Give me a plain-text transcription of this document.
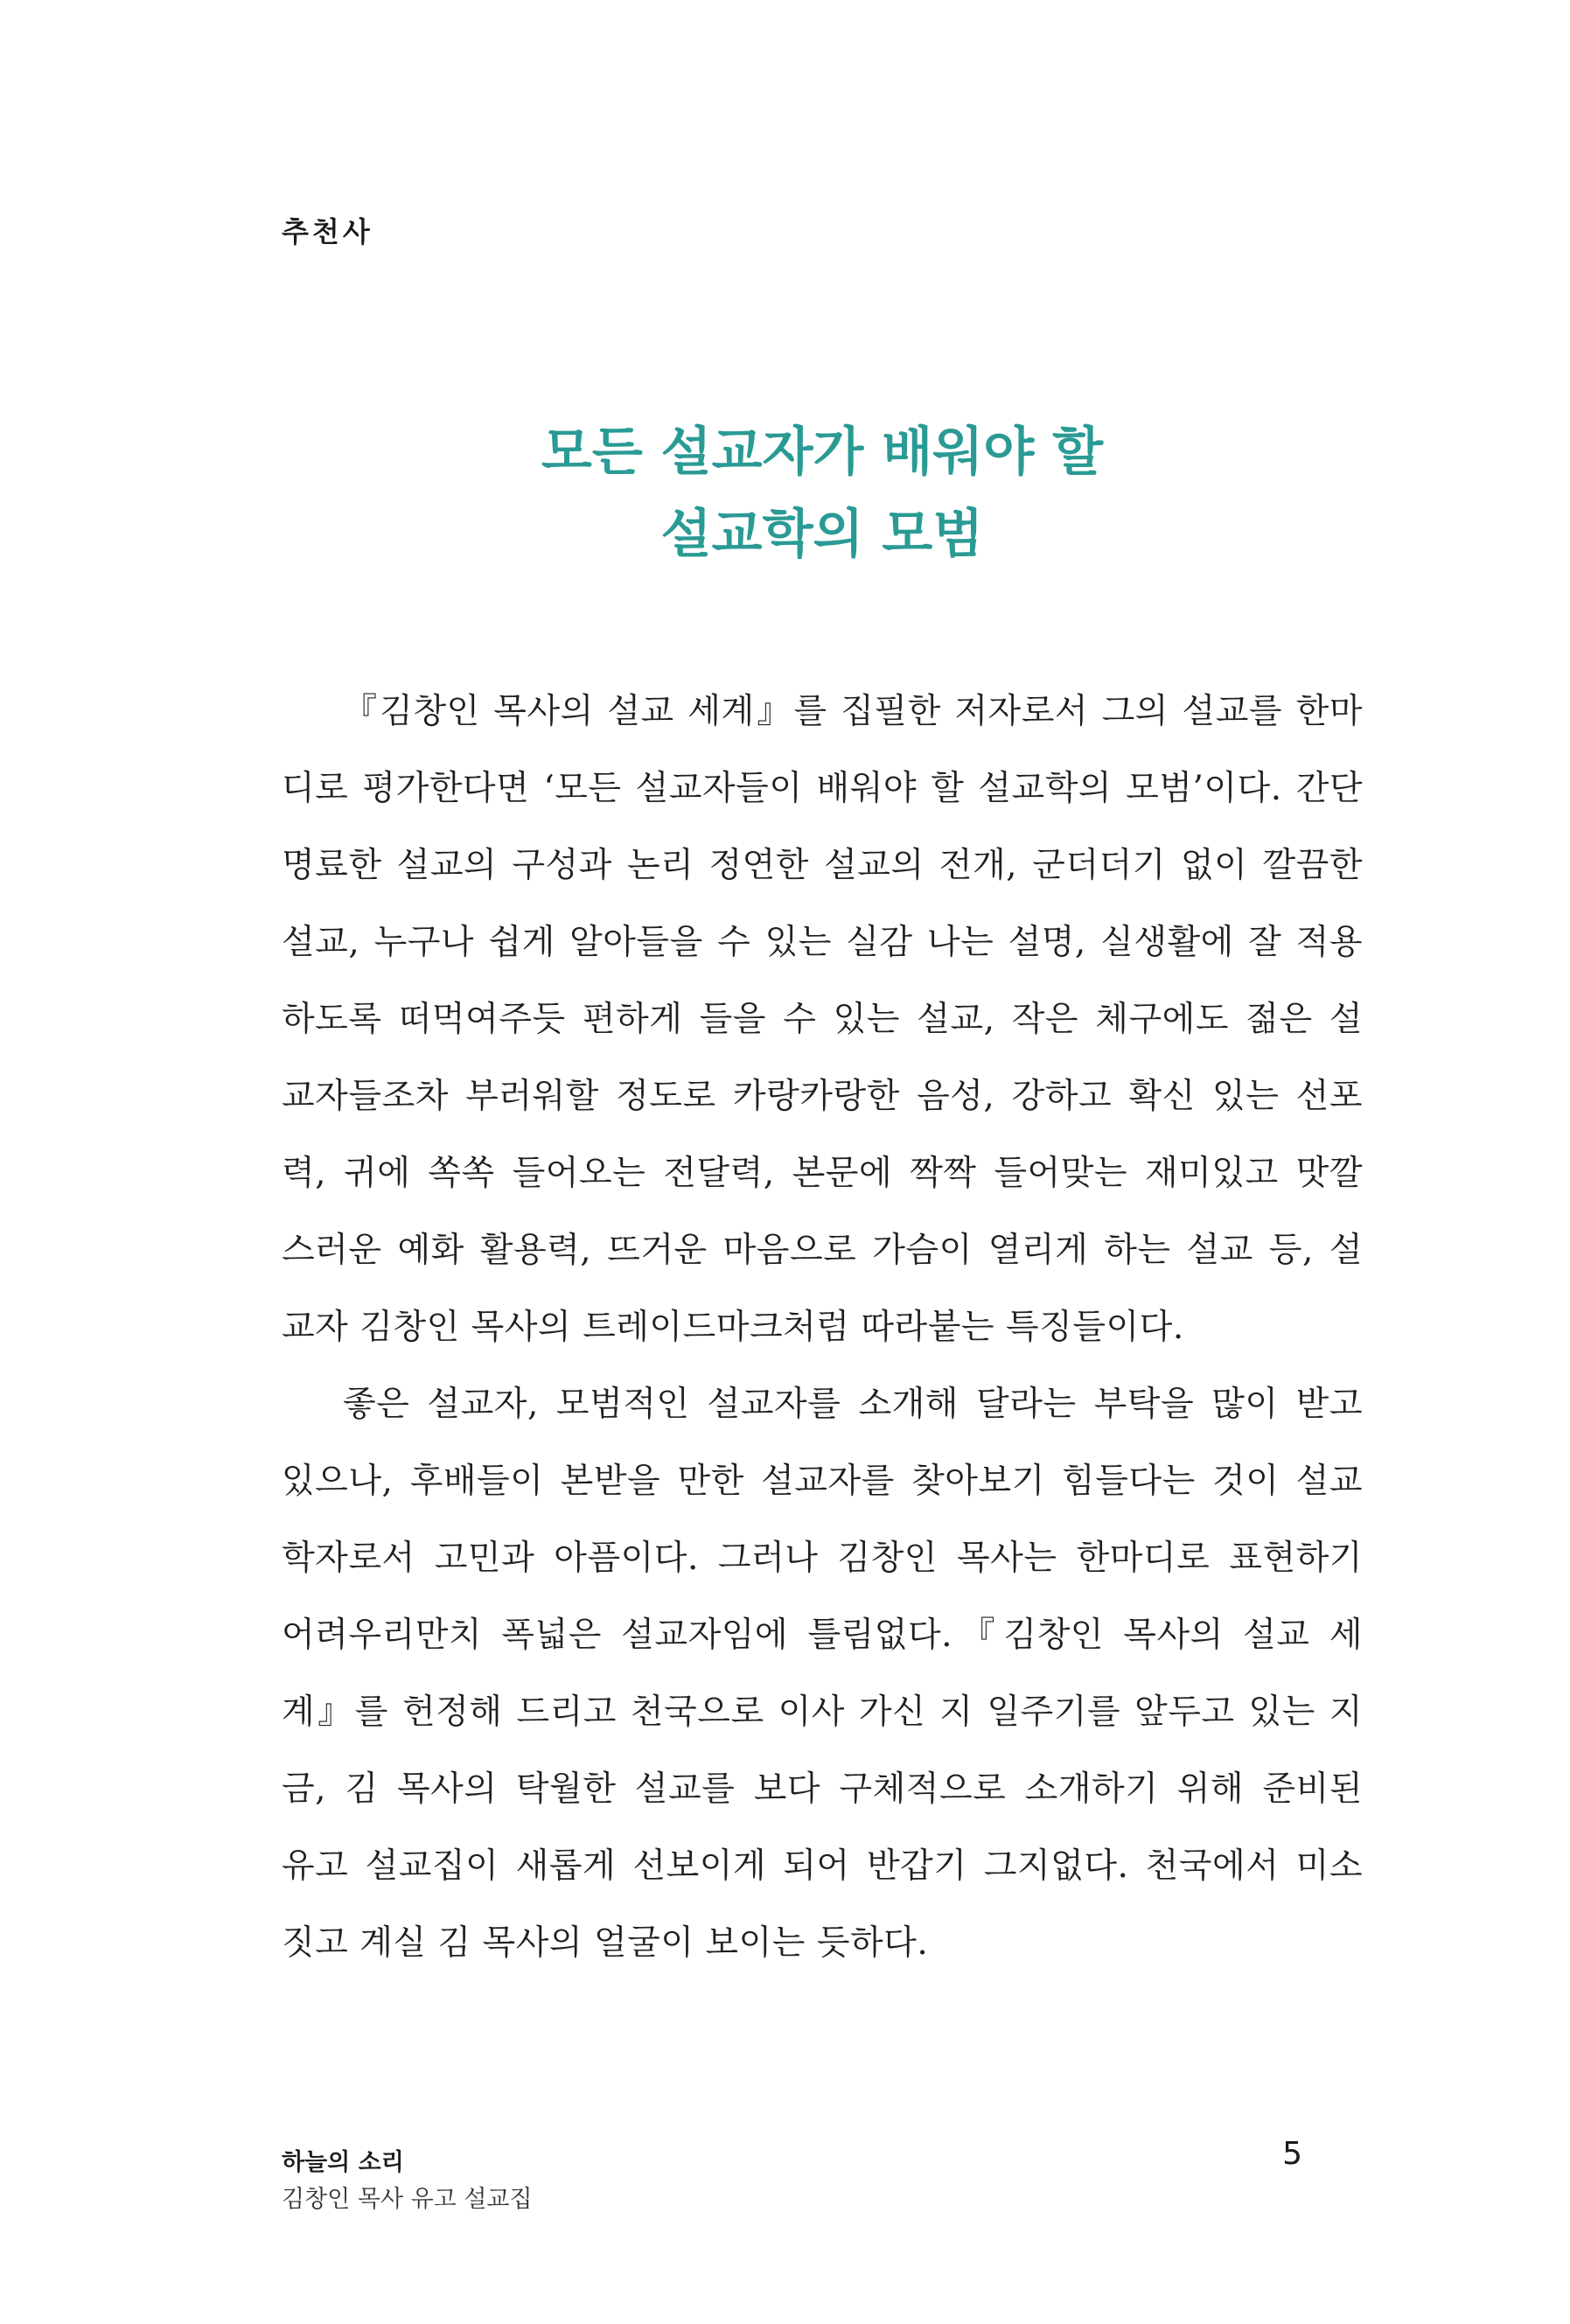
추천사
모든 설교자가 배워야 할
설교학의 모범
『김창인 목사의 설교 세계』를 집필한 저자로서 그의 설교를 한마
디로 평가한다면 ‘모든 설교자들이 배워야 할 설교학의 모범’이다. 간단
명료한 설교의 구성과 논리 정연한 설교의 전개, 군더더기 없이 깔끔한
설교, 누구나 쉽게 알아들을 수 있는 실감 나는 설명, 실생활에 잘 적용
하도록 떠먹여주듯 편하게 들을 수 있는 설교, 작은 체구에도 젊은 설
교자들조차 부러워할 정도로 카랑카랑한 음성, 강하고 확신 있는 선포
력, 귀에 쏙쏙 들어오는 전달력, 본문에 짝짝 들어맞는 재미있고 맛깔
스러운 예화 활용력, 뜨거운 마음으로 가슴이 열리게 하는 설교 등, 설
교자 김창인 목사의 트레이드마크처럼 따라붙는 특징들이다.
좋은 설교자, 모범적인 설교자를 소개해 달라는 부탁을 많이 받고
있으나, 후배들이 본받을 만한 설교자를 찾아보기 힘들다는 것이 설교
학자로서 고민과 아픔이다. 그러나 김창인 목사는 한마디로 표현하기
어려우리만치 폭넓은 설교자임에 틀림없다.『김창인 목사의 설교 세
계』를 헌정해 드리고 천국으로 이사 가신 지 일주기를 앞두고 있는 지
금, 김 목사의 탁월한 설교를 보다 구체적으로 소개하기 위해 준비된
유고 설교집이 새롭게 선보이게 되어 반갑기 그지없다. 천국에서 미소
짓고 계실 김 목사의 얼굴이 보이는 듯하다.
하늘의 소리
김창인 목사 유고 설교집
5
